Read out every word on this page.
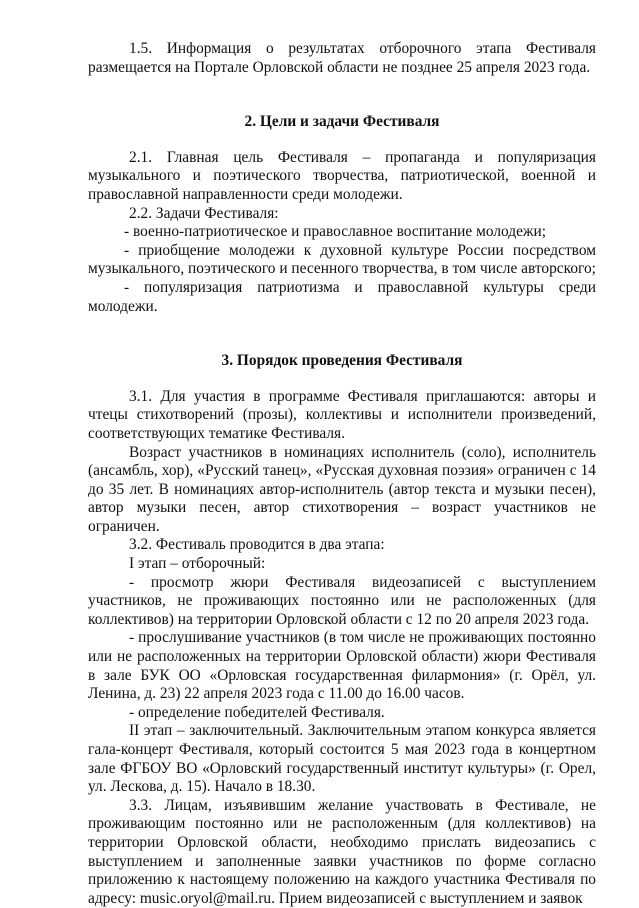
1.5. Информация о результатах отборочного этапа Фестиваля размещается на Портале Орловской области не позднее 25 апреля 2023 года.

2. Цели и задачи Фестиваля

2.1. Главная цель Фестиваля – пропаганда и популяризация музыкального и поэтического творчества, патриотической, военной и православной направленности среди молодежи.

2.2. Задачи Фестиваля:

- военно-патриотическое и православное воспитание молодежи;

- приобщение молодежи к духовной культуре России посредством музыкального, поэтического и песенного творчества, в том числе авторского;

- популяризация патриотизма и православной культуры среди молодежи.

3. Порядок проведения Фестиваля

3.1. Для участия в программе Фестиваля приглашаются: авторы и чтецы стихотворений (прозы), коллективы и исполнители произведений, соответствующих тематике Фестиваля.

Возраст участников в номинациях исполнитель (соло), исполнитель (ансамбль, хор), «Русский танец», «Русская духовная поэзия» ограничен с 14 до 35 лет. В номинациях автор-исполнитель (автор текста и музыки песен), автор музыки песен, автор стихотворения – возраст участников не ограничен.

3.2. Фестиваль проводится в два этапа:

I этап – отборочный:

- просмотр жюри Фестиваля видеозаписей с выступлением участников, не проживающих постоянно или не расположенных (для коллективов) на территории Орловской области с 12 по 20 апреля 2023 года.

- прослушивание участников (в том числе не проживающих постоянно или не расположенных на территории Орловской области) жюри Фестиваля в зале БУК ОО «Орловская государственная филармония» (г. Орёл, ул. Ленина, д. 23) 22 апреля 2023 года с 11.00 до 16.00 часов.

- определение победителей Фестиваля.

II этап – заключительный. Заключительным этапом конкурса является гала-концерт Фестиваля, который состоится 5 мая 2023 года в концертном зале ФГБОУ ВО «Орловский государственный институт культуры» (г. Орел, ул. Лескова, д. 15). Начало в 18.30.

3.3. Лицам, изъявившим желание участвовать в Фестивале, не проживающим постоянно или не расположенным (для коллективов) на территории Орловской области, необходимо прислать видеозапись с выступлением и заполненные заявки участников по форме согласно приложению к настоящему положению на каждого участника Фестиваля по адресу: music.oryol@mail.ru. Прием видеозаписей с выступлением и заявок
